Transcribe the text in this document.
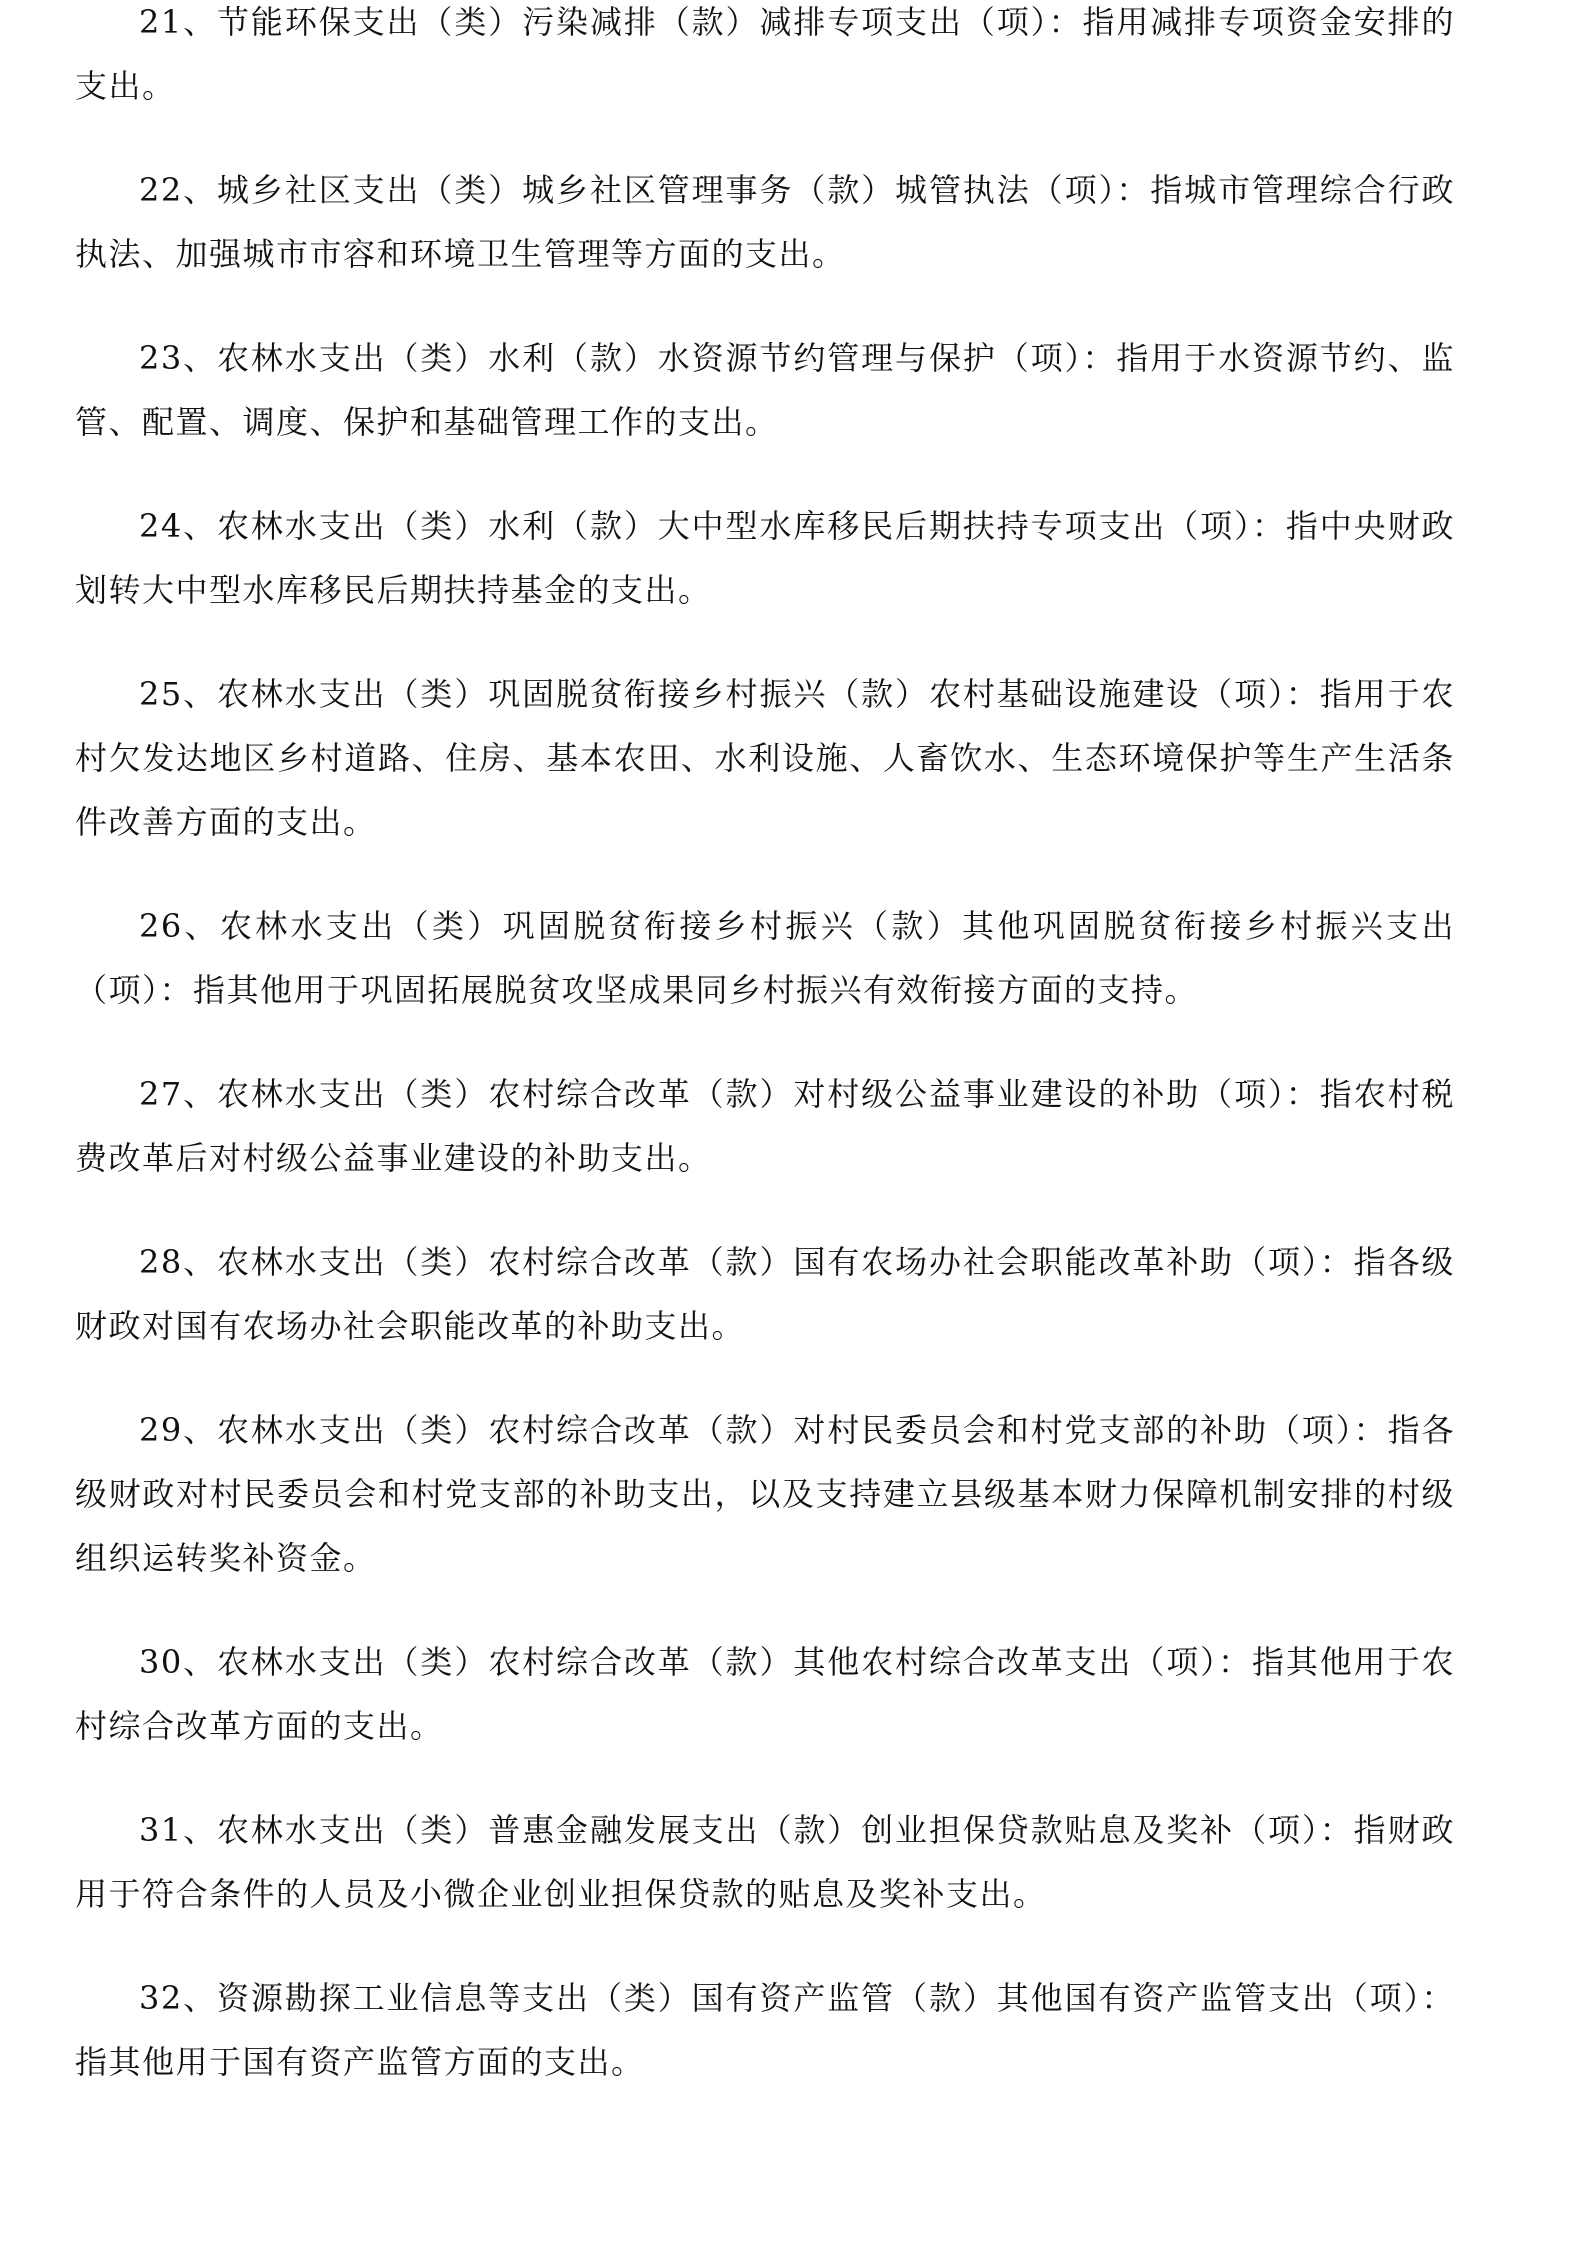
21、节能环保支出（类）污染减排（款）减排专项支出（项）：指用减排专项资金安排的支出。

22、城乡社区支出（类）城乡社区管理事务（款）城管执法（项）：指城市管理综合行政执法、加强城市市容和环境卫生管理等方面的支出。

23、农林水支出（类）水利（款）水资源节约管理与保护（项）：指用于水资源节约、监管、配置、调度、保护和基础管理工作的支出。

24、农林水支出（类）水利（款）大中型水库移民后期扶持专项支出（项）：指中央财政划转大中型水库移民后期扶持基金的支出。

25、农林水支出（类）巩固脱贫衔接乡村振兴（款）农村基础设施建设（项）：指用于农村欠发达地区乡村道路、住房、基本农田、水利设施、人畜饮水、生态环境保护等生产生活条件改善方面的支出。

26、农林水支出（类）巩固脱贫衔接乡村振兴（款）其他巩固脱贫衔接乡村振兴支出（项）：指其他用于巩固拓展脱贫攻坚成果同乡村振兴有效衔接方面的支持。

27、农林水支出（类）农村综合改革（款）对村级公益事业建设的补助（项）：指农村税费改革后对村级公益事业建设的补助支出。

28、农林水支出（类）农村综合改革（款）国有农场办社会职能改革补助（项）：指各级财政对国有农场办社会职能改革的补助支出。

29、农林水支出（类）农村综合改革（款）对村民委员会和村党支部的补助（项）：指各级财政对村民委员会和村党支部的补助支出，以及支持建立县级基本财力保障机制安排的村级组织运转奖补资金。

30、农林水支出（类）农村综合改革（款）其他农村综合改革支出（项）：指其他用于农村综合改革方面的支出。

31、农林水支出（类）普惠金融发展支出（款）创业担保贷款贴息及奖补（项）：指财政用于符合条件的人员及小微企业创业担保贷款的贴息及奖补支出。

32、资源勘探工业信息等支出（类）国有资产监管（款）其他国有资产监管支出（项）：指其他用于国有资产监管方面的支出。
